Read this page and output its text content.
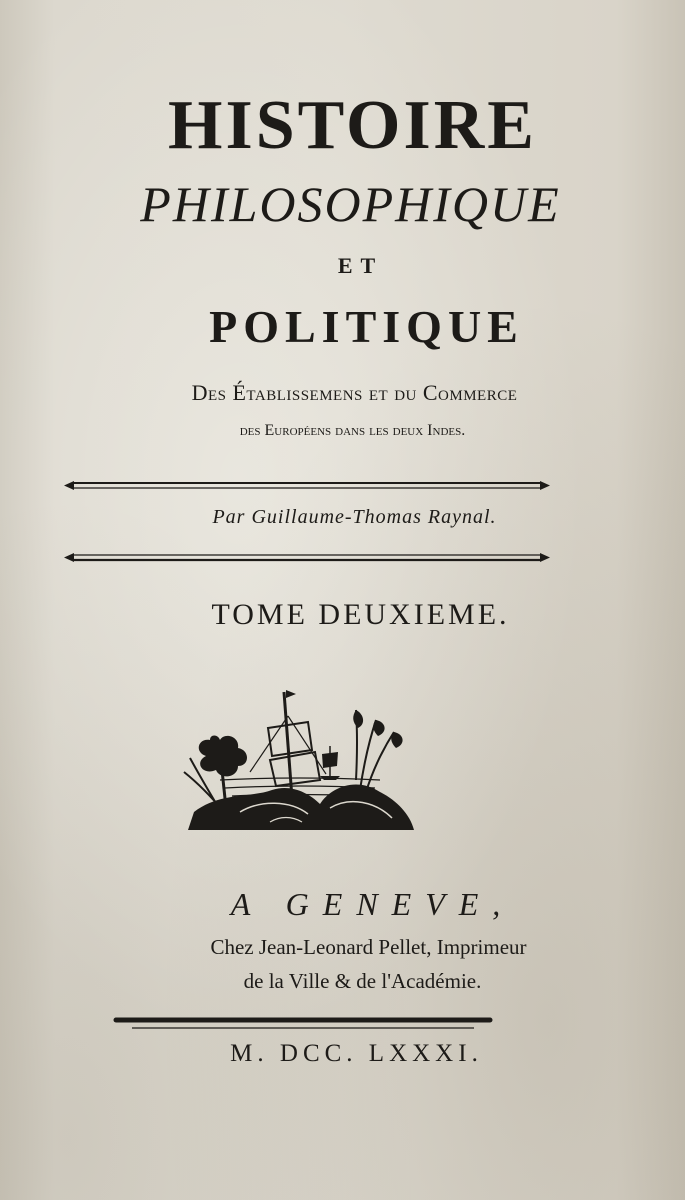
HISTOIRE
PHILOSOPHIQUE
ET
POLITIQUE
Des Établissemens et du Commerce
des Européens dans les deux Indes.
Par Guillaume-Thomas Raynal.
TOME DEUXIEME.
A GENEVE,
Chez Jean-Leonard Pellet, Imprimeur
de la Ville & de l'Académie.
M. DCC. LXXXI.
